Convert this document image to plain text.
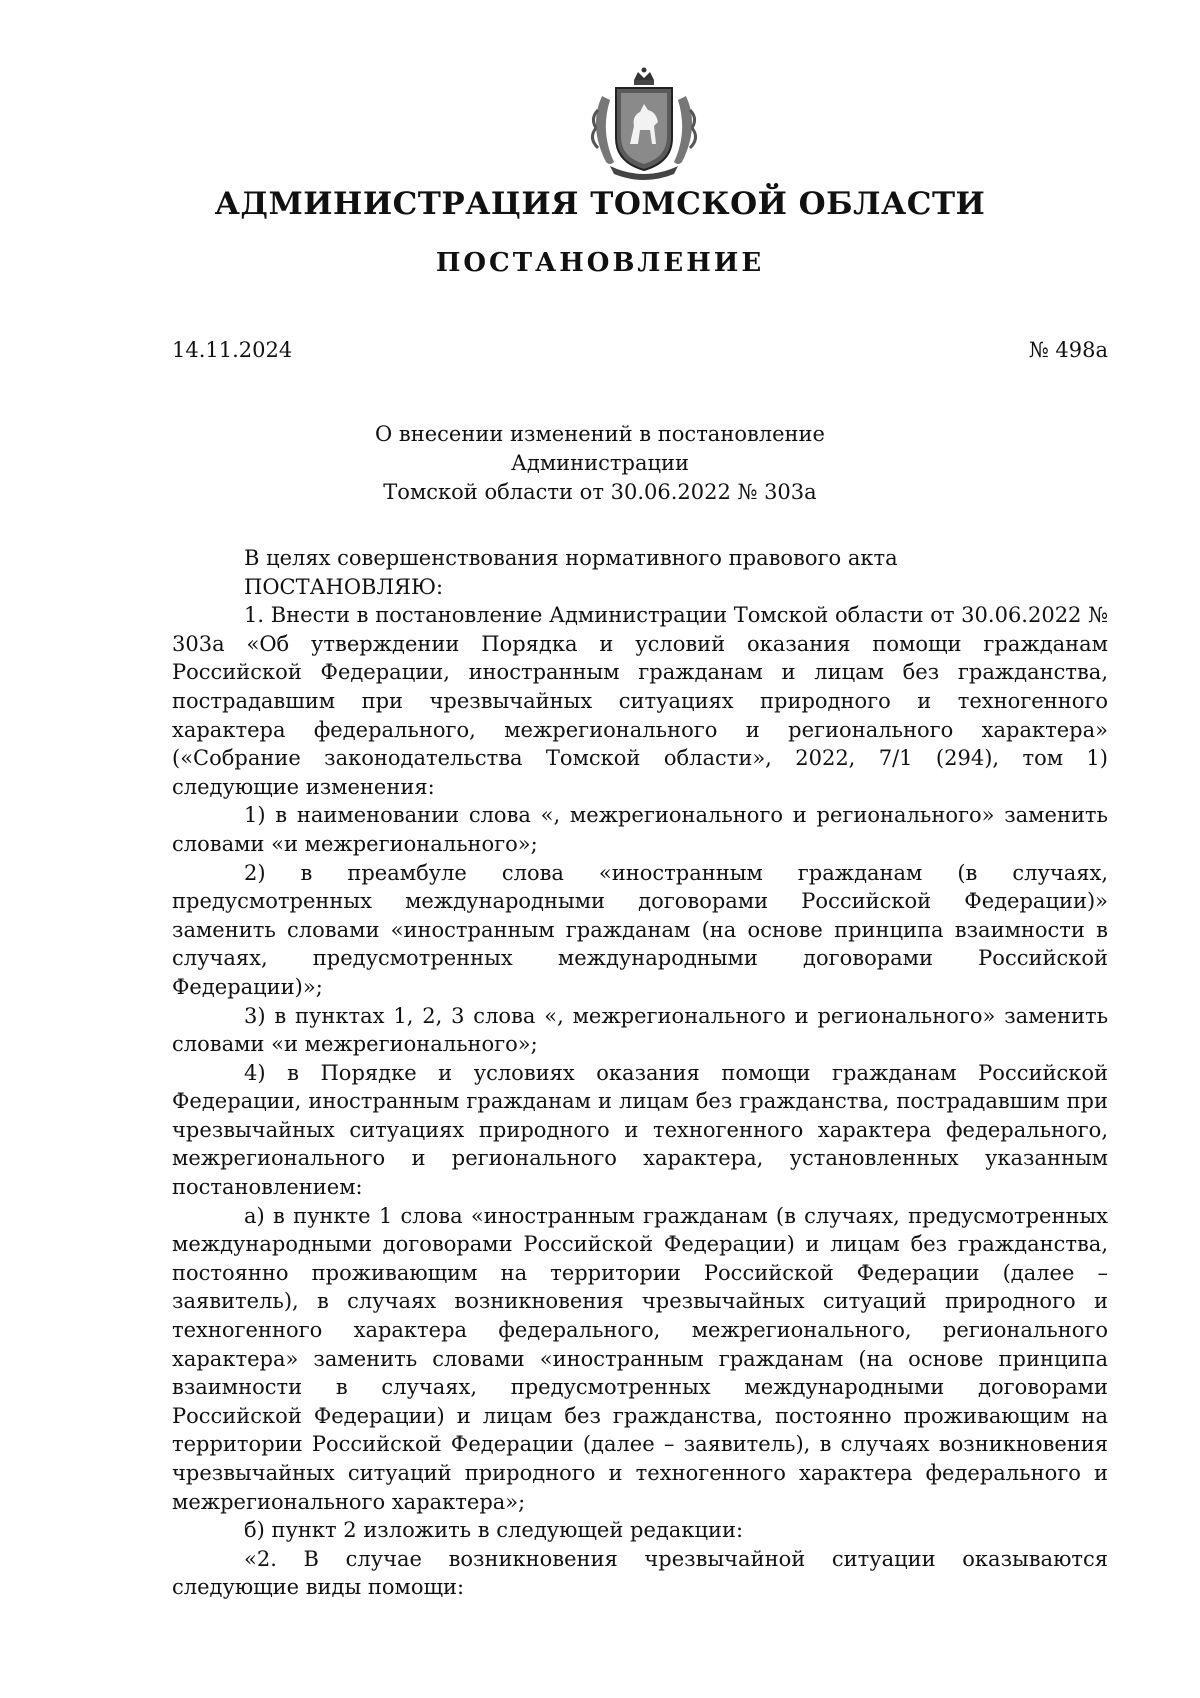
АДМИНИСТРАЦИЯ ТОМСКОЙ ОБЛАСТИ
ПОСТАНОВЛЕНИЕ
14.11.2024	№ 498а
О внесении изменений в постановление Администрации
Томской области от 30.06.2022 № 303а

В целях совершенствования нормативного правового акта

ПОСТАНОВЛЯЮ:

1. Внести в постановление Администрации Томской области от 30.06.2022 № 303а «Об утверждении Порядка и условий оказания помощи гражданам Российской Федерации, иностранным гражданам и лицам без гражданства, пострадавшим при чрезвычайных ситуациях природного и техногенного характера федерального, межрегионального и регионального характера» («Собрание законодательства Томской области», 2022, 7/1 (294), том 1) следующие изменения:

1) в наименовании слова «, межрегионального и регионального» заменить словами «и межрегионального»;

2) в преамбуле слова «иностранным гражданам (в случаях, предусмотренных международными договорами Российской Федерации)» заменить словами «иностранным гражданам (на основе принципа взаимности в случаях, предусмотренных международными договорами Российской Федерации)»;

3) в пунктах 1, 2, 3 слова «, межрегионального и регионального» заменить словами «и межрегионального»;

4) в Порядке и условиях оказания помощи гражданам Российской Федерации, иностранным гражданам и лицам без гражданства, пострадавшим при чрезвычайных ситуациях природного и техногенного характера федерального, межрегионального и регионального характера, установленных указанным постановлением:

а) в пункте 1 слова «иностранным гражданам (в случаях, предусмотренных международными договорами Российской Федерации) и лицам без гражданства, постоянно проживающим на территории Российской Федерации (далее – заявитель), в случаях возникновения чрезвычайных ситуаций природного и техногенного характера федерального, межрегионального, регионального характера» заменить словами «иностранным гражданам (на основе принципа взаимности в случаях, предусмотренных международными договорами Российской Федерации) и лицам без гражданства, постоянно проживающим на территории Российской Федерации (далее – заявитель), в случаях возникновения чрезвычайных ситуаций природного и техногенного характера федерального и межрегионального характера»;

б) пункт 2 изложить в следующей редакции:

«2. В случае возникновения чрезвычайной ситуации оказываются следующие виды помощи:
